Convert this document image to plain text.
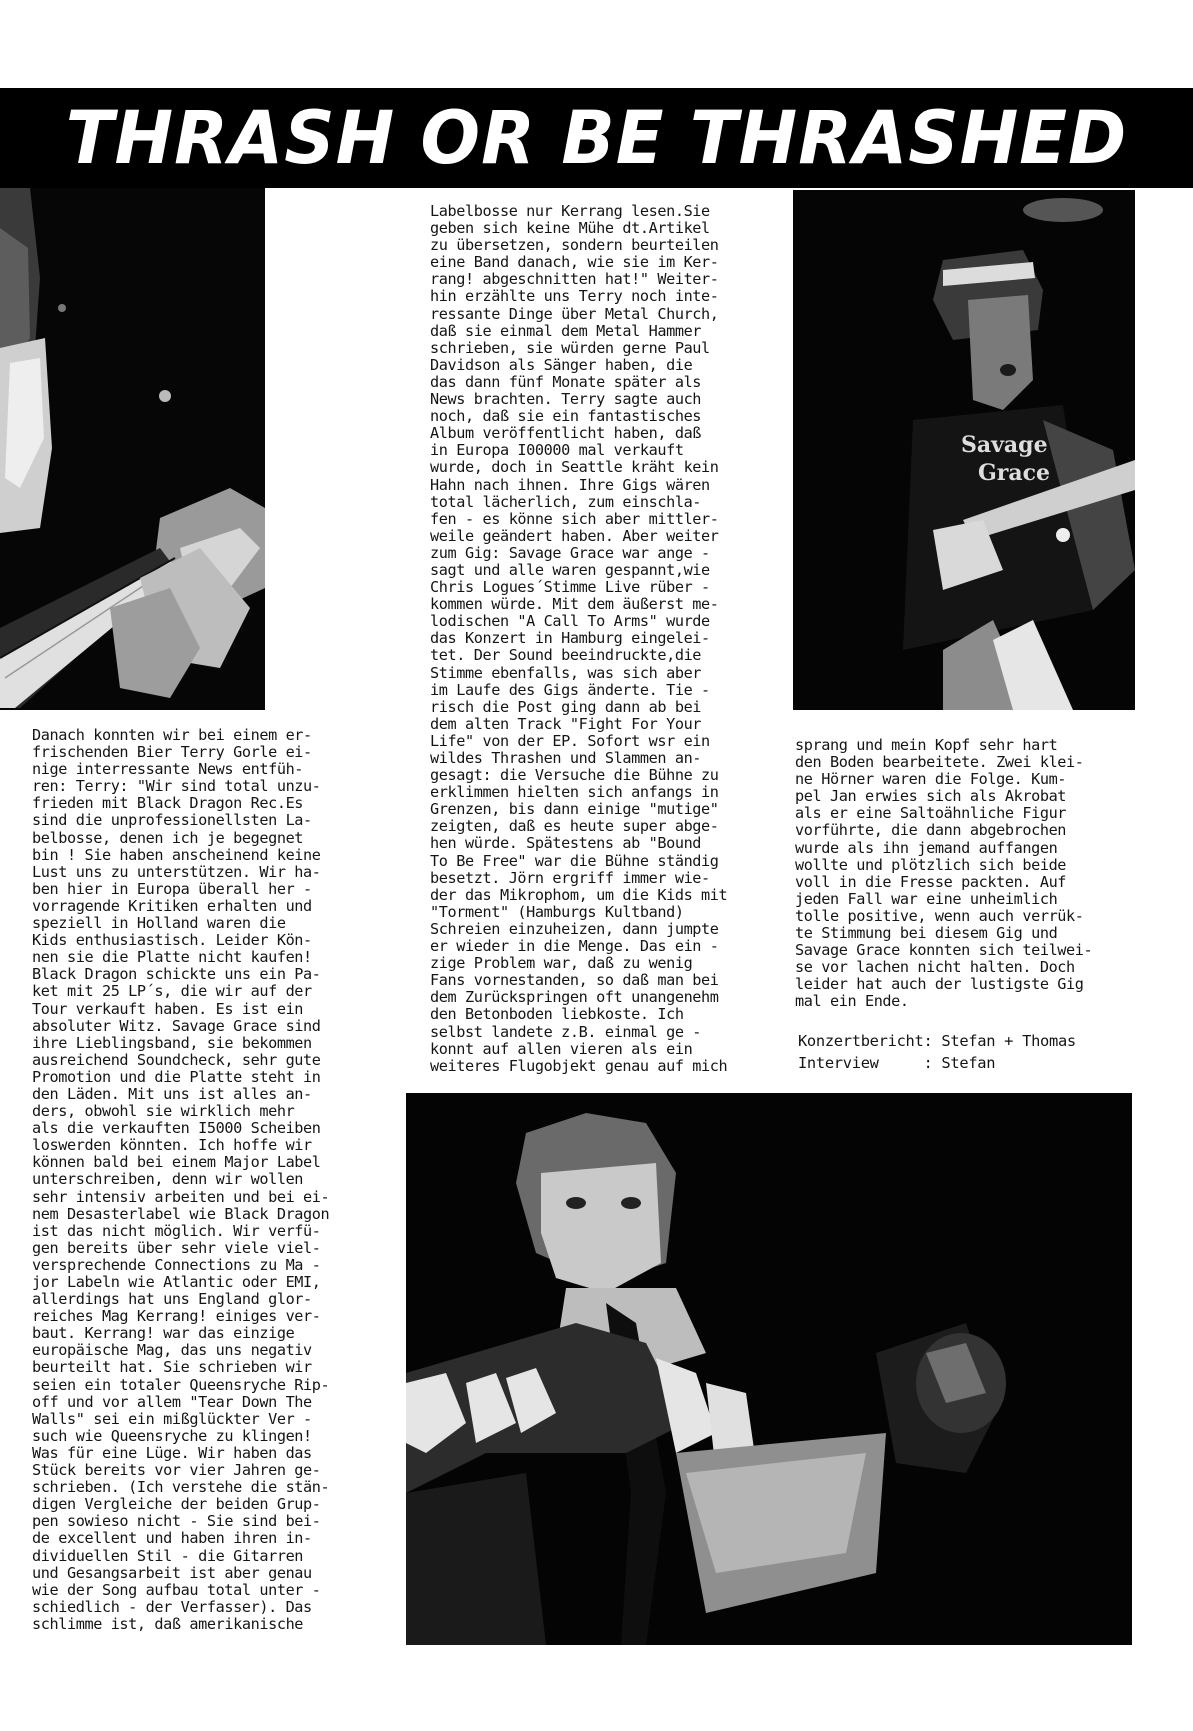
THRASH OR BE THRASHED
Savage
Grace
Labelbosse nur Kerrang lesen.Sie
geben sich keine Mühe dt.Artikel
zu übersetzen, sondern beurteilen
eine Band danach, wie sie im Ker-
rang! abgeschnitten hat!" Weiter-
hin erzählte uns Terry noch inte-
ressante Dinge über Metal Church,
daß sie einmal dem Metal Hammer
schrieben, sie würden gerne Paul
Davidson als Sänger haben, die
das dann fünf Monate später als
News brachten. Terry sagte auch
noch, daß sie ein fantastisches
Album veröffentlicht haben, daß
in Europa I00000 mal verkauft
wurde, doch in Seattle kräht kein
Hahn nach ihnen. Ihre Gigs wären
total lächerlich, zum einschla-
fen - es könne sich aber mittler-
weile geändert haben. Aber weiter
zum Gig: Savage Grace war ange -
sagt und alle waren gespannt,wie
Chris Logues´Stimme Live rüber -
kommen würde. Mit dem äußerst me-
lodischen "A Call To Arms" wurde
das Konzert in Hamburg eingelei-
tet. Der Sound beeindruckte,die
Stimme ebenfalls, was sich aber
im Laufe des Gigs änderte. Tie -
risch die Post ging dann ab bei
dem alten Track "Fight For Your
Life" von der EP. Sofort wsr ein
wildes Thrashen und Slammen an-
gesagt: die Versuche die Bühne zu
erklimmen hielten sich anfangs in
Grenzen, bis dann einige "mutige"
zeigten, daß es heute super abge-
hen würde. Spätestens ab "Bound
To Be Free" war die Bühne ständig
besetzt. Jörn ergriff immer wie-
der das Mikrophom, um die Kids mit
"Torment" (Hamburgs Kultband)
Schreien einzuheizen, dann jumpte
er wieder in die Menge. Das ein -
zige Problem war, daß zu wenig
Fans vornestanden, so daß man bei
dem Zurückspringen oft unangenehm
den Betonboden liebkoste. Ich
selbst landete z.B. einmal ge -
konnt auf allen vieren als ein
weiteres Flugobjekt genau auf mich
Danach konnten wir bei einem er-
frischenden Bier Terry Gorle ei-
nige interressante News entfüh-
ren: Terry: "Wir sind total unzu-
frieden mit Black Dragon Rec.Es
sind die unprofessionellsten La-
belbosse, denen ich je begegnet
bin ! Sie haben anscheinend keine
Lust uns zu unterstützen. Wir ha-
ben hier in Europa überall her -
vorragende Kritiken erhalten und
speziell in Holland waren die
Kids enthusiastisch. Leider Kön-
nen sie die Platte nicht kaufen!
Black Dragon schickte uns ein Pa-
ket mit 25 LP´s, die wir auf der
Tour verkauft haben. Es ist ein
absoluter Witz. Savage Grace sind
ihre Lieblingsband, sie bekommen
ausreichend Soundcheck, sehr gute
Promotion und die Platte steht in
den Läden. Mit uns ist alles an-
ders, obwohl sie wirklich mehr
als die verkauften I5000 Scheiben
loswerden könnten. Ich hoffe wir
können bald bei einem Major Label
unterschreiben, denn wir wollen
sehr intensiv arbeiten und bei ei-
nem Desasterlabel wie Black Dragon
ist das nicht möglich. Wir verfü-
gen bereits über sehr viele viel-
versprechende Connections zu Ma -
jor Labeln wie Atlantic oder EMI,
allerdings hat uns England glor-
reiches Mag Kerrang! einiges ver-
baut. Kerrang! war das einzige
europäische Mag, das uns negativ
beurteilt hat. Sie schrieben wir
seien ein totaler Queensryche Rip-
off und vor allem "Tear Down The
Walls" sei ein mißglückter Ver -
such wie Queensryche zu klingen!
Was für eine Lüge. Wir haben das
Stück bereits vor vier Jahren ge-
schrieben. (Ich verstehe die stän-
digen Vergleiche der beiden Grup-
pen sowieso nicht - Sie sind bei-
de excellent und haben ihren in-
dividuellen Stil - die Gitarren
und Gesangsarbeit ist aber genau
wie der Song aufbau total unter -
schiedlich - der Verfasser). Das
schlimme ist, daß amerikanische
sprang und mein Kopf sehr hart
den Boden bearbeitete. Zwei klei-
ne Hörner waren die Folge. Kum-
pel Jan erwies sich als Akrobat
als er eine Saltoähnliche Figur
vorführte, die dann abgebrochen
wurde als ihn jemand auffangen
wollte und plötzlich sich beide
voll in die Fresse packten. Auf
jeden Fall war eine unheimlich
tolle positive, wenn auch verrük-
te Stimmung bei diesem Gig und
Savage Grace konnten sich teilwei-
se vor lachen nicht halten. Doch
leider hat auch der lustigste Gig
mal ein Ende.

Konzertbericht: Stefan + Thomas

Interview	: Stefan
